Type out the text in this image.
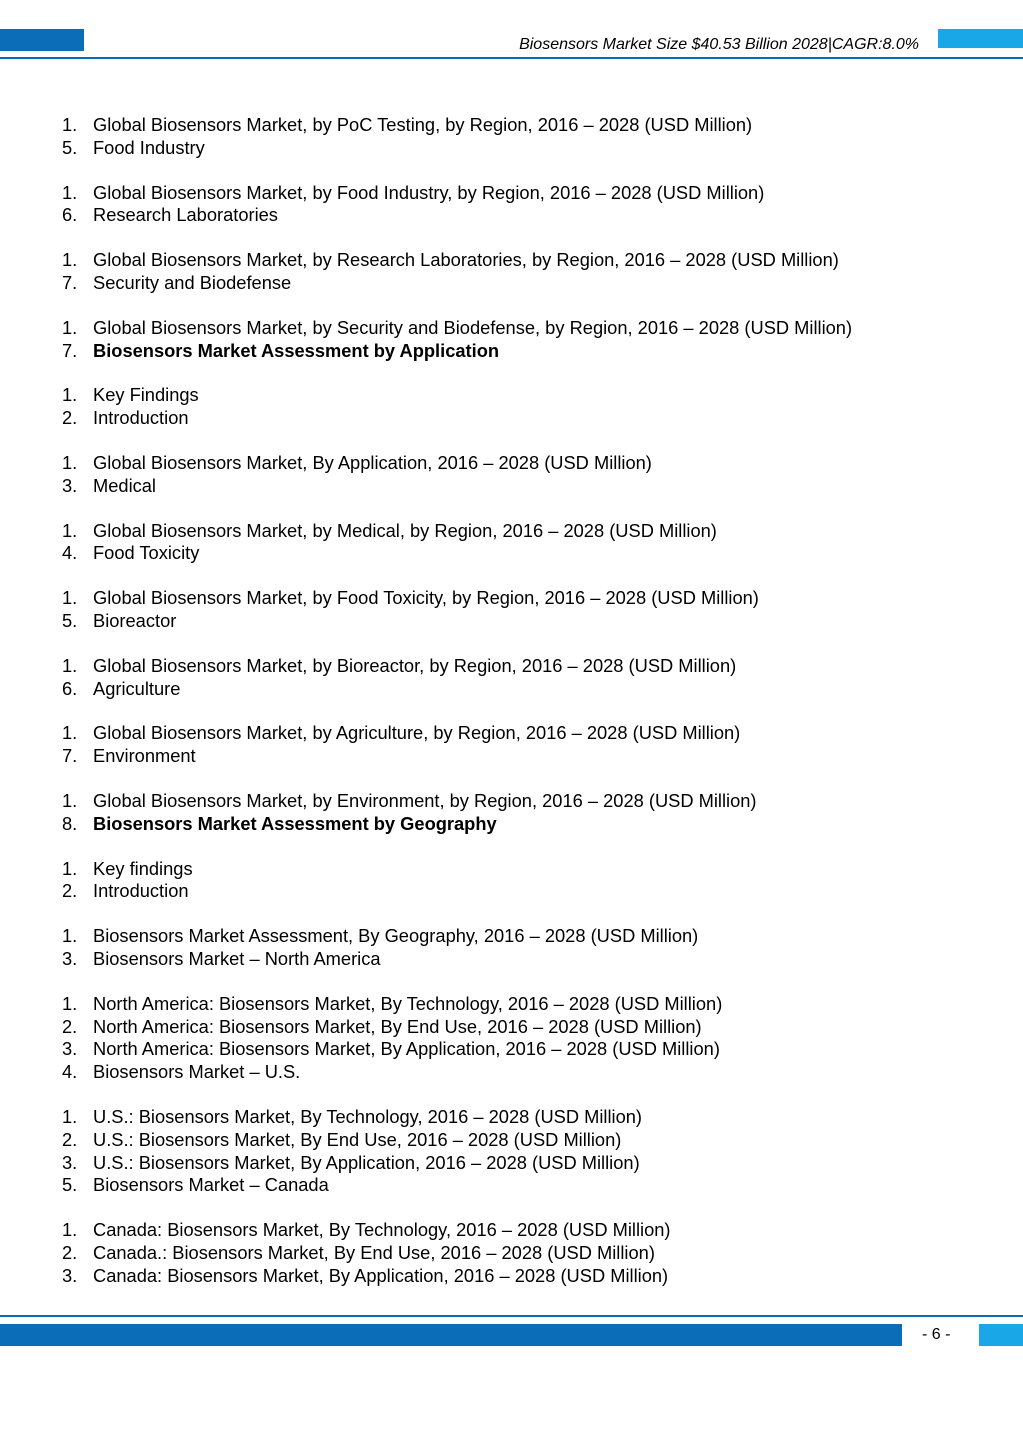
Biosensors Market Size $40.53 Billion 2028|CAGR:8.0%
1. Global Biosensors Market, by PoC Testing, by Region, 2016 – 2028 (USD Million)
5. Food Industry
1. Global Biosensors Market, by Food Industry, by Region, 2016 – 2028 (USD Million)
6. Research Laboratories
1. Global Biosensors Market, by Research Laboratories, by Region, 2016 – 2028 (USD Million)
7. Security and Biodefense
1. Global Biosensors Market, by Security and Biodefense, by Region, 2016 – 2028 (USD Million)
7. Biosensors Market Assessment by Application
1. Key Findings
2. Introduction
1. Global Biosensors Market, By Application, 2016 – 2028 (USD Million)
3. Medical
1. Global Biosensors Market, by Medical, by Region, 2016 – 2028 (USD Million)
4. Food Toxicity
1. Global Biosensors Market, by Food Toxicity, by Region, 2016 – 2028 (USD Million)
5. Bioreactor
1. Global Biosensors Market, by Bioreactor, by Region, 2016 – 2028 (USD Million)
6. Agriculture
1. Global Biosensors Market, by Agriculture, by Region, 2016 – 2028 (USD Million)
7. Environment
1. Global Biosensors Market, by Environment, by Region, 2016 – 2028 (USD Million)
8. Biosensors Market Assessment by Geography
1. Key findings
2. Introduction
1. Biosensors Market Assessment, By Geography, 2016 – 2028 (USD Million)
3. Biosensors Market – North America
1. North America: Biosensors Market, By Technology, 2016 – 2028 (USD Million)
2. North America: Biosensors Market, By End Use, 2016 – 2028 (USD Million)
3. North America: Biosensors Market, By Application, 2016 – 2028 (USD Million)
4. Biosensors Market – U.S.
1. U.S.: Biosensors Market, By Technology, 2016 – 2028 (USD Million)
2. U.S.: Biosensors Market, By End Use, 2016 – 2028 (USD Million)
3. U.S.: Biosensors Market, By Application, 2016 – 2028 (USD Million)
5. Biosensors Market – Canada
1. Canada: Biosensors Market, By Technology, 2016 – 2028 (USD Million)
2. Canada.: Biosensors Market, By End Use, 2016 – 2028 (USD Million)
3. Canada: Biosensors Market, By Application, 2016 – 2028 (USD Million)
- 6 -
